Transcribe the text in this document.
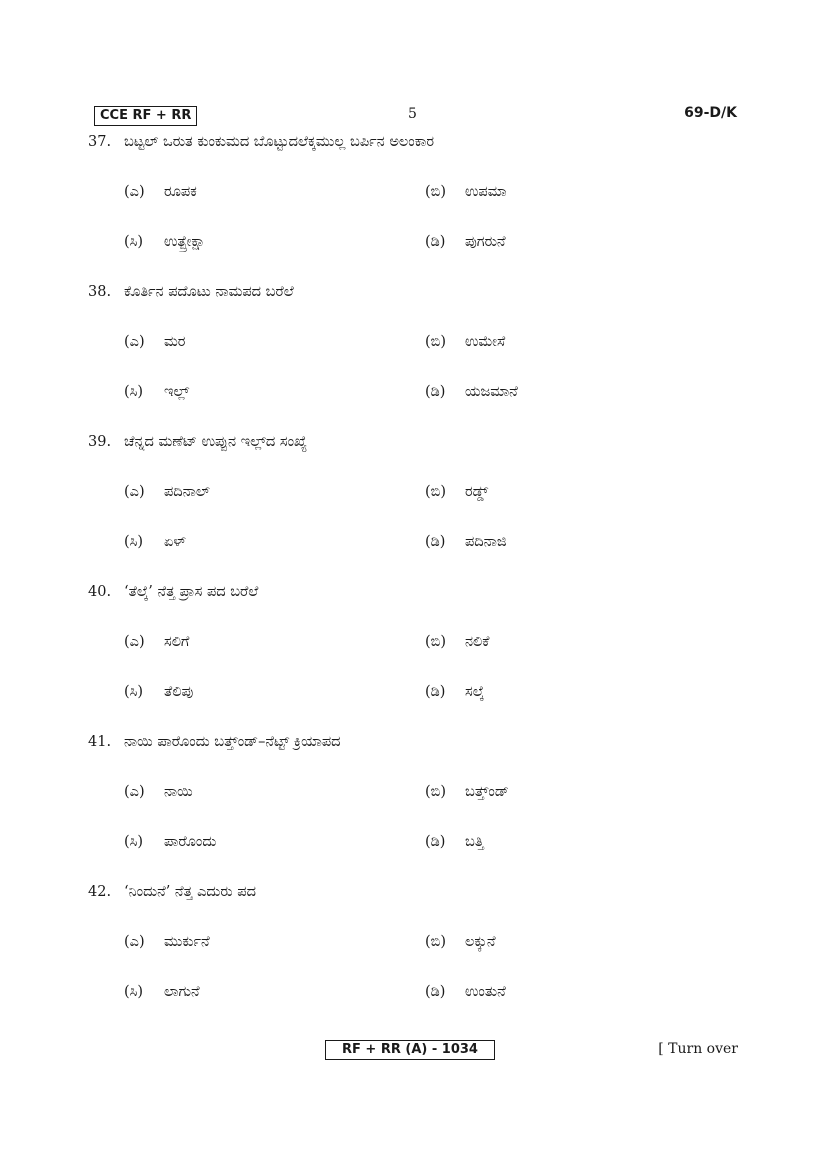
CCE RF + RR	5	69-D/K
37. ಬಟ್ಟಲ್ ಒರುತ ಕುಂಕುಮದ ಬೊಟ್ಟುದಲೆಕ್ಕಮುಲ್ಲ ಬರ್ಪಿನ ಅಲಂಕಾರ
(ಎ) ರೂಪಕ	(ಬಿ) ಉಪಮಾ
(ಸಿ) ಉತ್ಪ್ರೇಕ್ಷಾ	(ಡಿ) ಪುಗರುನೆ
38. ಕೊರ್ತಿನ ಪದೊಟು ನಾಮಪದ ಬರೆಲೆ
(ಎ) ಮರ	(ಬಿ) ಉಮೇಸೆ
(ಸಿ) ಇಲ್ಲ್	(ಡಿ) ಯಜಮಾನೆ
39. ಚೆನ್ನದ ಮಣೆಟ್ ಉಪ್ಪುನ ಇಲ್ಲ್‌ದ ಸಂಖ್ಯೆ
(ಎ) ಪದಿನಾಲ್	(ಬಿ) ರಡ್ಡ್
(ಸಿ) ಏಳ್	(ಡಿ) ಪದಿನಾಜಿ
40. ‘ತೆಲ್ಕೆ’ ನೆತ್ತ ಪ್ರಾಸ ಪದ ಬರೆಲೆ
(ಎ) ಸಲಿಗೆ	(ಬಿ) ನಲಿಕೆ
(ಸಿ) ತೆಲಿಪು	(ಡಿ) ಸಲ್ಕೆ
41. ನಾಯಿ ಪಾರೊಂದು ಬತ್ತ್‌ಂಡ್–ನೆಟ್ಟ್ ಕ್ರಿಯಾಪದ
(ಎ) ನಾಯಿ	(ಬಿ) ಬತ್ತ್‌ಂಡ್
(ಸಿ) ಪಾರೊಂದು	(ಡಿ) ಬತ್ತಿ
42. ‘ನಿಂದುನೆ’ ನೆತ್ತ ಎದುರು ಪದ
(ಎ) ಮುರ್ಕುನೆ	(ಬಿ) ಲಕ್ಕುನೆ
(ಸಿ) ಲಾಗುನೆ	(ಡಿ) ಉಂತುನೆ
RF + RR (A) - 1034	[ Turn over
